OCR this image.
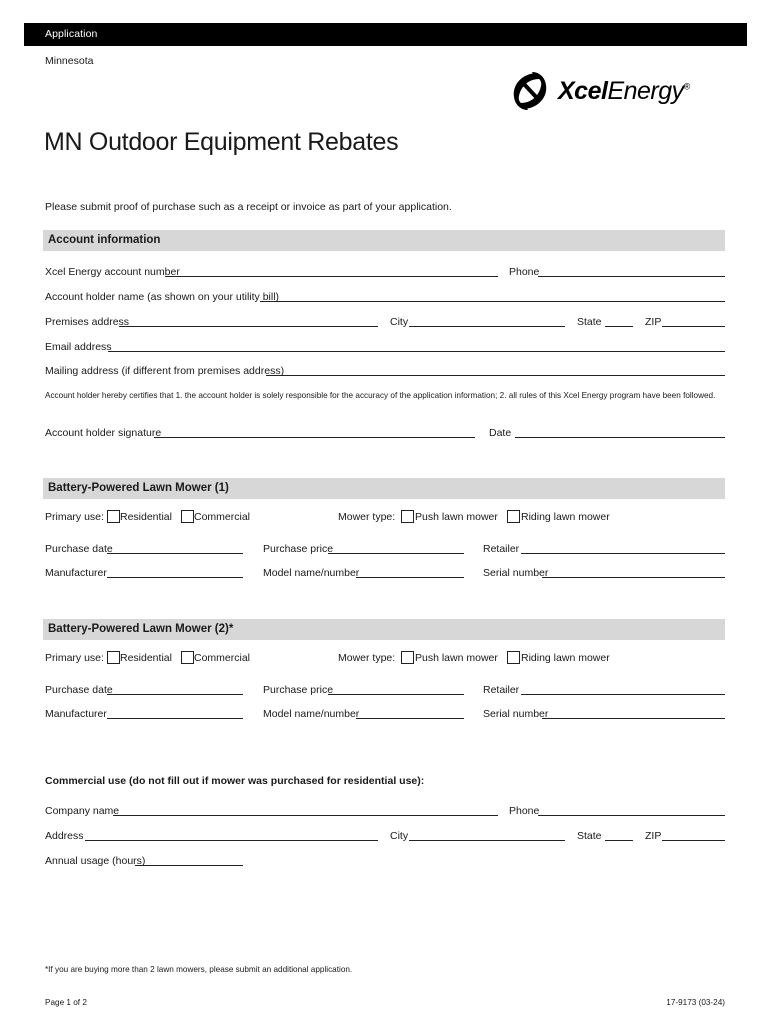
Application
Minnesota
XcelEnergy®
MN Outdoor Equipment Rebates
Please submit proof of purchase such as a receipt or invoice as part of your application.
Account information
Xcel Energy account number	Phone
Account holder name (as shown on your utility bill)
Premises address	City	State	ZIP
Email address
Mailing address (if different from premises address)
Account holder hereby certifies that 1. the account holder is solely responsible for the accuracy of the application information; 2. all rules of this Xcel Energy program have been followed.
Account holder signature	Date
Battery-Powered Lawn Mower (1)
Primary use: Residential Commercial	Mower type: Push lawn mower Riding lawn mower
Purchase date	Purchase price	Retailer
Manufacturer	Model name/number	Serial number
Battery-Powered Lawn Mower (2)*
Primary use: Residential Commercial	Mower type: Push lawn mower Riding lawn mower
Purchase date	Purchase price	Retailer
Manufacturer	Model name/number	Serial number
Commercial use (do not fill out if mower was purchased for residential use):
Company name	Phone
Address	City	State	ZIP
Annual usage (hours)
*If you are buying more than 2 lawn mowers, please submit an additional application.
Page 1 of 2	17-9173 (03-24)
